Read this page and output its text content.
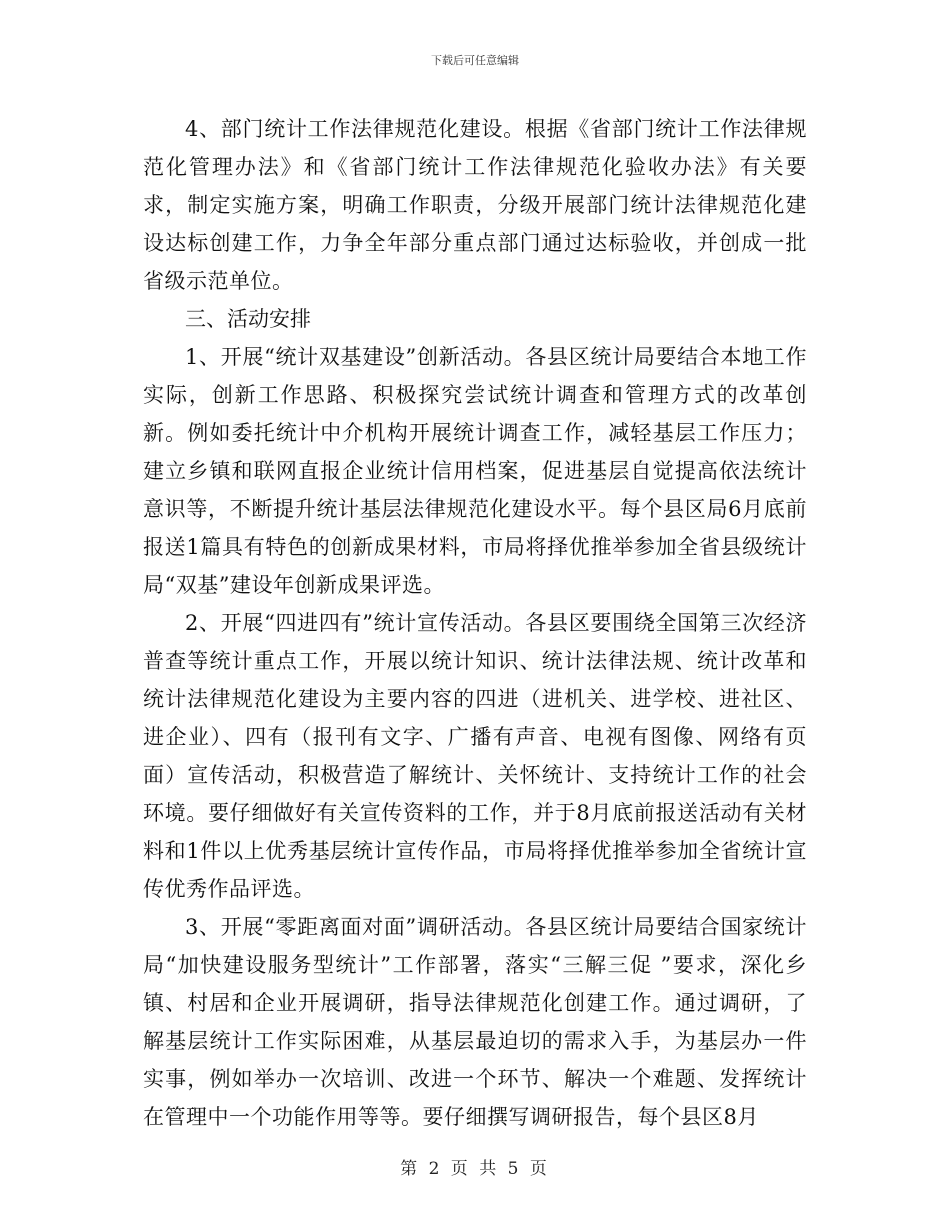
下载后可任意编辑

4、部门统计工作法律规范化建设。根据《省部门统计工作法律规范化管理办法》和《省部门统计工作法律规范化验收办法》有关要求，制定实施方案，明确工作职责，分级开展部门统计法律规范化建设达标创建工作，力争全年部分重点部门通过达标验收，并创成一批省级示范单位。

三、活动安排

1、开展“统计双基建设”创新活动。各县区统计局要结合本地工作实际，创新工作思路、积极探究尝试统计调查和管理方式的改革创新。例如委托统计中介机构开展统计调查工作，减轻基层工作压力；建立乡镇和联网直报企业统计信用档案，促进基层自觉提高依法统计意识等，不断提升统计基层法律规范化建设水平。每个县区局6月底前报送1篇具有特色的创新成果材料，市局将择优推举参加全省县级统计局“双基”建设年创新成果评选。

2、开展“四进四有”统计宣传活动。各县区要围绕全国第三次经济普查等统计重点工作，开展以统计知识、统计法律法规、统计改革和统计法律规范化建设为主要内容的四进（进机关、进学校、进社区、进企业）、四有（报刊有文字、广播有声音、电视有图像、网络有页面）宣传活动，积极营造了解统计、关怀统计、支持统计工作的社会环境。要仔细做好有关宣传资料的工作，并于8月底前报送活动有关材料和1件以上优秀基层统计宣传作品，市局将择优推举参加全省统计宣传优秀作品评选。

3、开展“零距离面对面”调研活动。各县区统计局要结合国家统计局“加快建设服务型统计”工作部署，落实“三解三促 ”要求，深化乡镇、村居和企业开展调研，指导法律规范化创建工作。通过调研，了解基层统计工作实际困难，从基层最迫切的需求入手，为基层办一件实事，例如举办一次培训、改进一个环节、解决一个难题、发挥统计在管理中一个功能作用等等。要仔细撰写调研报告，每个县区8月

第 2 页 共 5 页
